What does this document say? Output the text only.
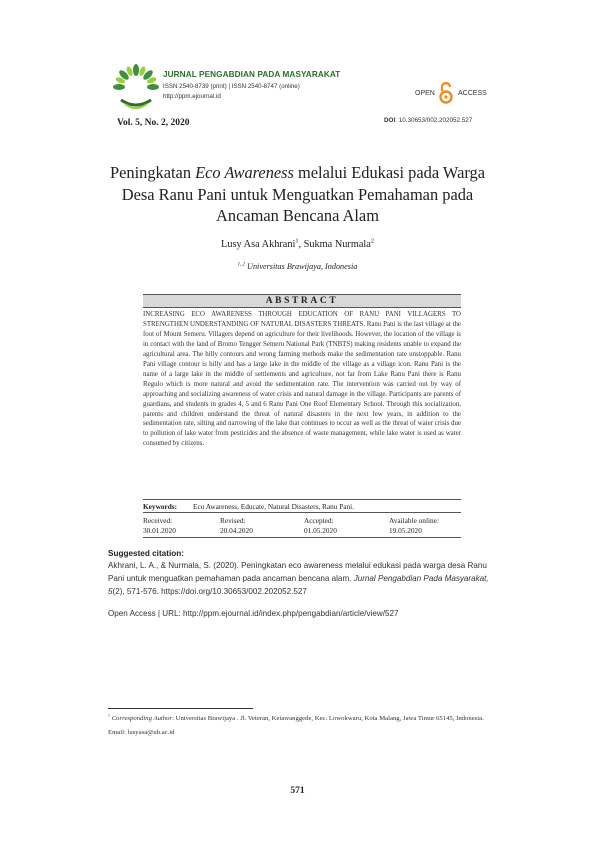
JURNAL PENGABDIAN PADA MASYARAKAT
ISSN 2540-8739 (print) | ISSN 2540-8747 (online)
http://ppm.ejournal.id	OPEN	ACCESS
Vol. 5, No. 2, 2020	DOI: 10.30653/002.202052.527
Peningkatan Eco Awareness melalui Edukasi pada Warga Desa Ranu Pani untuk Menguatkan Pemahaman pada Ancaman Bencana Alam
Lusy Asa Akhrani$^1$, Sukma Nurmala$^2$
$^{1, 2}$ Universitas Brawijaya, Indonesia
ABSTRACT
INCREASING ECO AWARENESS THROUGH EDUCATION OF RANU PANI VILLAGERS TO STRENGTHEN UNDERSTANDING OF NATURAL DISASTERS THREATS. Ranu Pani is the last village at the foot of Mount Semeru. Villagers depend on agriculture for their livelihoods. However, the location of the village is in contact with the land of Bromo Tengger Semeru National Park (TNBTS) making residents unable to expand the agricultural area. The hilly contours and wrong farming methods make the sedimentation rate unstoppable. Ranu Pani village contour is hilly and has a large lake in the middle of the village as a village icon. Ranu Pani is the name of a large lake in the middle of settlements and agriculture, not far from Lake Ranu Pani there is Ranu Regulo which is more natural and avoid the sedimentation rate. The intervention was carried out by way of approaching and socializing awareness of water crisis and natural damage in the village. Participants are parents of guardians, and students in grades 4, 5 and 6 Ranu Pani One Roof Elementary School. Through this socialization, parents and children understand the threat of natural disasters in the next few years, in addition to the sedimentation rate, silting and narrowing of the lake that continues to occur as well as the threat of water crisis due to pollution of lake water from pesticides and the absence of waste management, while lake water is used as water consumed by citizens.
Keywords: Eco Awareness, Educate, Natural Disasters, Ranu Pani.
Received:
30.01.2020
Revised:
20.04.2020
Accepted:
01.05.2020
Available online:
19.05.2020
Suggested citation:
Akhrani, L. A., & Nurmala, S. (2020). Peningkatan eco awareness melalui edukasi pada warga desa Ranu Pani untuk menguatkan pemahaman pada ancaman bencana alam. Jurnal Pengabdian Pada Masyarakat, 5(2), 571-576. https://doi.org/10.30653/002.202052.527
Open Access | URL: http://ppm.ejournal.id/index.php/pengabdian/article/view/527
$^1$ Corresponding Author: Universitas Brawijaya . Jl. Veteran, Ketawanggede, Kec. Lowokwaru, Kota Malang, Jawa Timur 65145, Indonesia. Email: lusyasa@ub.ac.id
571
